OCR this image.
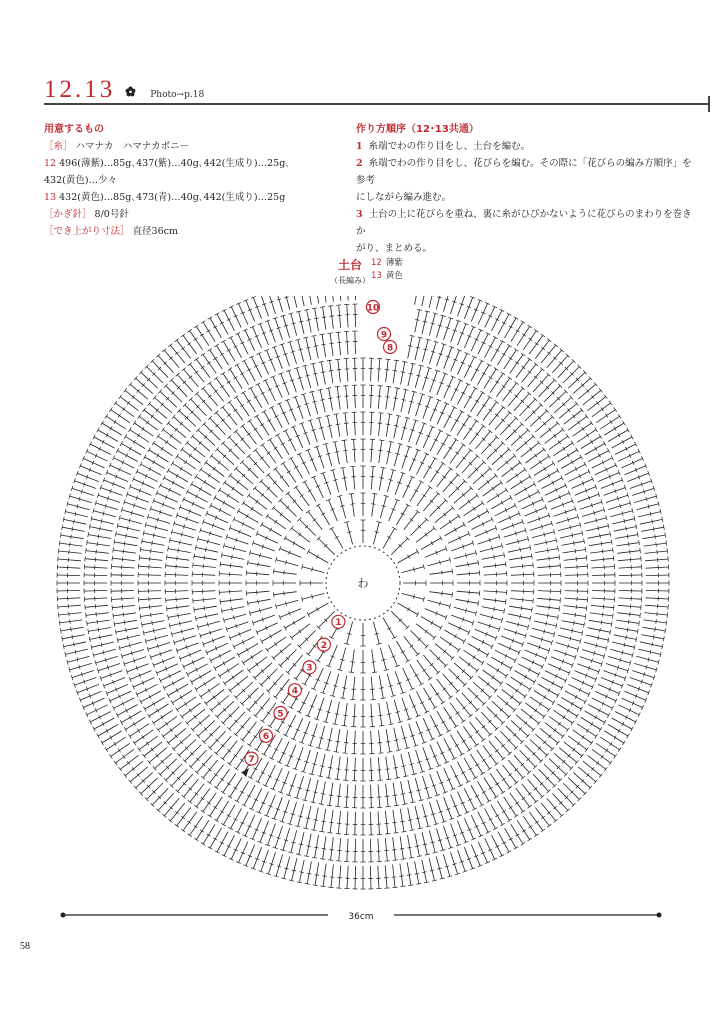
12.13	Photo→p.18
用意するもの
［糸］ ハマナカ　ハマナカボニー
12 496(薄紫)…85g､437(紫)…40g､442(生成り)…25g､
432(黄色)…少々
13 432(黄色)…85g､473(青)…40g､442(生成り)…25g
［かぎ針］ 8/0号針
［でき上がり寸法］ 直径36cm
作り方順序（12･13共通）
1 糸端でわの作り目をし、土台を編む。
2 糸端でわの作り目をし、花びらを編む。その際に「花びらの編み方順序」を参考
にしながら編み進む。
3 土台の上に花びらを重ね、裏に糸がひびかないように花びらのまわりを巻きか
がり、まとめる。
土台
（長編み）
12 薄紫
13 黄色
わ
1
2
3
4
5
6
7
8
9
10
36cm
58
